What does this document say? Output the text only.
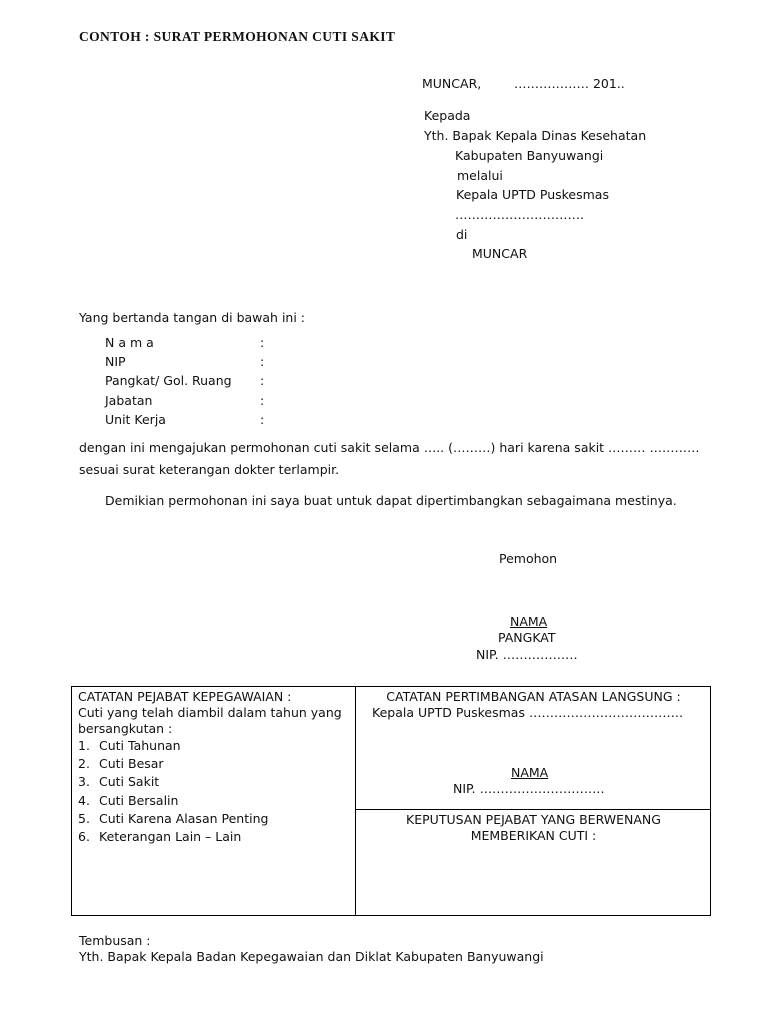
CONTOH : SURAT PERMOHONAN CUTI SAKIT
MUNCAR,	……………… 201..
Kepada
Yth. Bapak Kepala Dinas Kesehatan
Kabupaten Banyuwangi
melalui
Kepala UPTD Puskesmas
………………………….
di
MUNCAR
Yang bertanda tangan di bawah ini :
N a m a	:
NIP	:
Pangkat/ Gol. Ruang :
Jabatan	:
Unit Kerja	:
dengan ini mengajukan permohonan cuti sakit selama ….. (………) hari karena sakit ……… …………
sesuai surat keterangan dokter terlampir.
Demikian permohonan ini saya buat untuk dapat dipertimbangkan sebagaimana mestinya.
Pemohon
NAMA
PANGKAT
NIP. ………………
CATATAN PEJABAT KEPEGAWAIAN :
Cuti yang telah diambil dalam tahun yang
bersangkutan :
1. Cuti Tahunan
2. Cuti Besar
3. Cuti Sakit
4. Cuti Bersalin
5. Cuti Karena Alasan Penting
6. Keterangan Lain – Lain
CATATAN PERTIMBANGAN ATASAN LANGSUNG :
Kepala UPTD Puskesmas ……………………………….
NAMA
NIP. …………………………
KEPUTUSAN PEJABAT YANG BERWENANG
MEMBERIKAN CUTI :
Tembusan :
Yth. Bapak Kepala Badan Kepegawaian dan Diklat Kabupaten Banyuwangi
